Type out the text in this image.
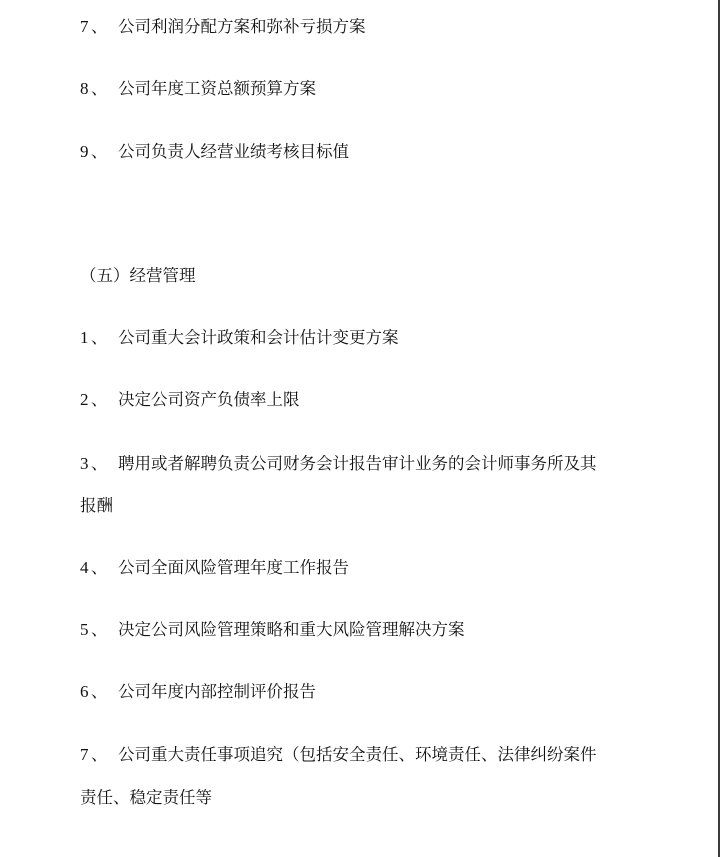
7 、 公司利润分配方案和弥补亏损方案
8 、 公司年度工资总额预算方案
9 、 公司负责人经营业绩考核目标值
（五）经营管理
1 、 公司重大会计政策和会计估计变更方案
2 、 决定公司资产负债率上限
3 、 聘用或者解聘负责公司财务会计报告审计业务的会计师事务所及其
报酬
4 、 公司全面风险管理年度工作报告
5 、 决定公司风险管理策略和重大风险管理解决方案
6 、 公司年度内部控制评价报告
7 、 公司重大责任事项追究（包括安全责任、环境责任、法律纠纷案件
责任、稳定责任等
